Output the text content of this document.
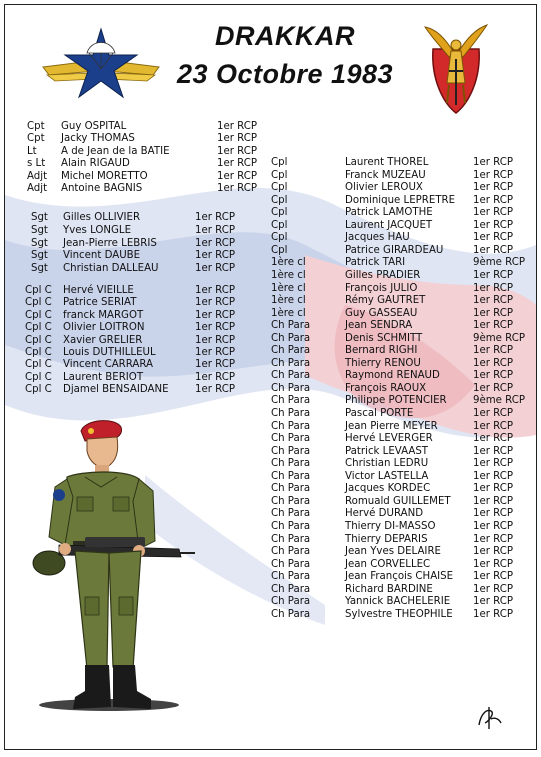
DRAKKAR
23 Octobre 1983
Cpt Guy OSPITAL	1er RCP
Cpt Jacky THOMAS	1er RCP
Lt A de Jean de la BATIE	1er RCP
s Lt Alain RIGAUD	1er RCP
Adjt Michel MORETTO	1er RCP
Adjt Antoine BAGNIS	1er RCP
Sgt Gilles OLLIVIER	1er RCP
Sgt Yves LONGLE	1er RCP
Sgt Jean-Pierre LEBRIS	1er RCP
Sgt Vincent DAUBE	1er RCP
Sgt Christian DALLEAU	1er RCP
Cpl C Hervé VIEILLE	1er RCP
Cpl C Patrice SERIAT	1er RCP
Cpl C franck MARGOT	1er RCP
Cpl C Olivier LOITRON	1er RCP
Cpl C Xavier GRELIER	1er RCP
Cpl C Louis DUTHILLEUL	1er RCP
Cpl C Vincent CARRARA	1er RCP
Cpl C Laurent BERIOT	1er RCP
Cpl C Djamel BENSAIDANE	1er RCP
Cpl	Laurent THOREL	1er RCP
Cpl	Franck MUZEAU	1er RCP
Cpl	Olivier LEROUX	1er RCP
Cpl	Dominique LEPRETRE 1er RCP
Cpl	Patrick LAMOTHE	1er RCP
Cpl	Laurent JACQUET	1er RCP
Cpl	Jacques HAU	1er RCP
Cpl	Patrice GIRARDEAU	1er RCP
1ère cl	Patrick TARI	9ème RCP
1ère cl	Gilles PRADIER	1er RCP
1ère cl	François JULIO	1er RCP
1ère cl	Rémy GAUTRET	1er RCP
1ère cl	Guy GASSEAU	1er RCP
Ch Para	Jean SENDRA	1er RCP
Ch Para	Denis SCHMITT	9ème RCP
Ch Para	Bernard RIGHI	1er RCP
Ch Para	Thierry RENOU	1er RCP
Ch Para	Raymond RENAUD	1er RCP
Ch Para	François RAOUX	1er RCP
Ch Para	Philippe POTENCIER	9ème RCP
Ch Para	Pascal PORTE	1er RCP
Ch Para	Jean Pierre MEYER	1er RCP
Ch Para	Hervé LEVERGER	1er RCP
Ch Para	Patrick LEVAAST	1er RCP
Ch Para	Christian LEDRU	1er RCP
Ch Para	Victor LASTELLA	1er RCP
Ch Para	Jacques KORDEC	1er RCP
Ch Para	Romuald GUILLEMET 1er RCP
Ch Para	Hervé DURAND	1er RCP
Ch Para	Thierry DI-MASSO	1er RCP
Ch Para	Thierry DEPARIS	1er RCP
Ch Para	Jean Yves DELAIRE	1er RCP
Ch Para	Jean CORVELLEC	1er RCP
Ch Para	Jean François CHAISE 1er RCP
Ch Para	Richard BARDINE	1er RCP
Ch Para	Yannick BACHELERIE 1er RCP
Ch Para	Sylvestre THEOPHILE 1er RCP
